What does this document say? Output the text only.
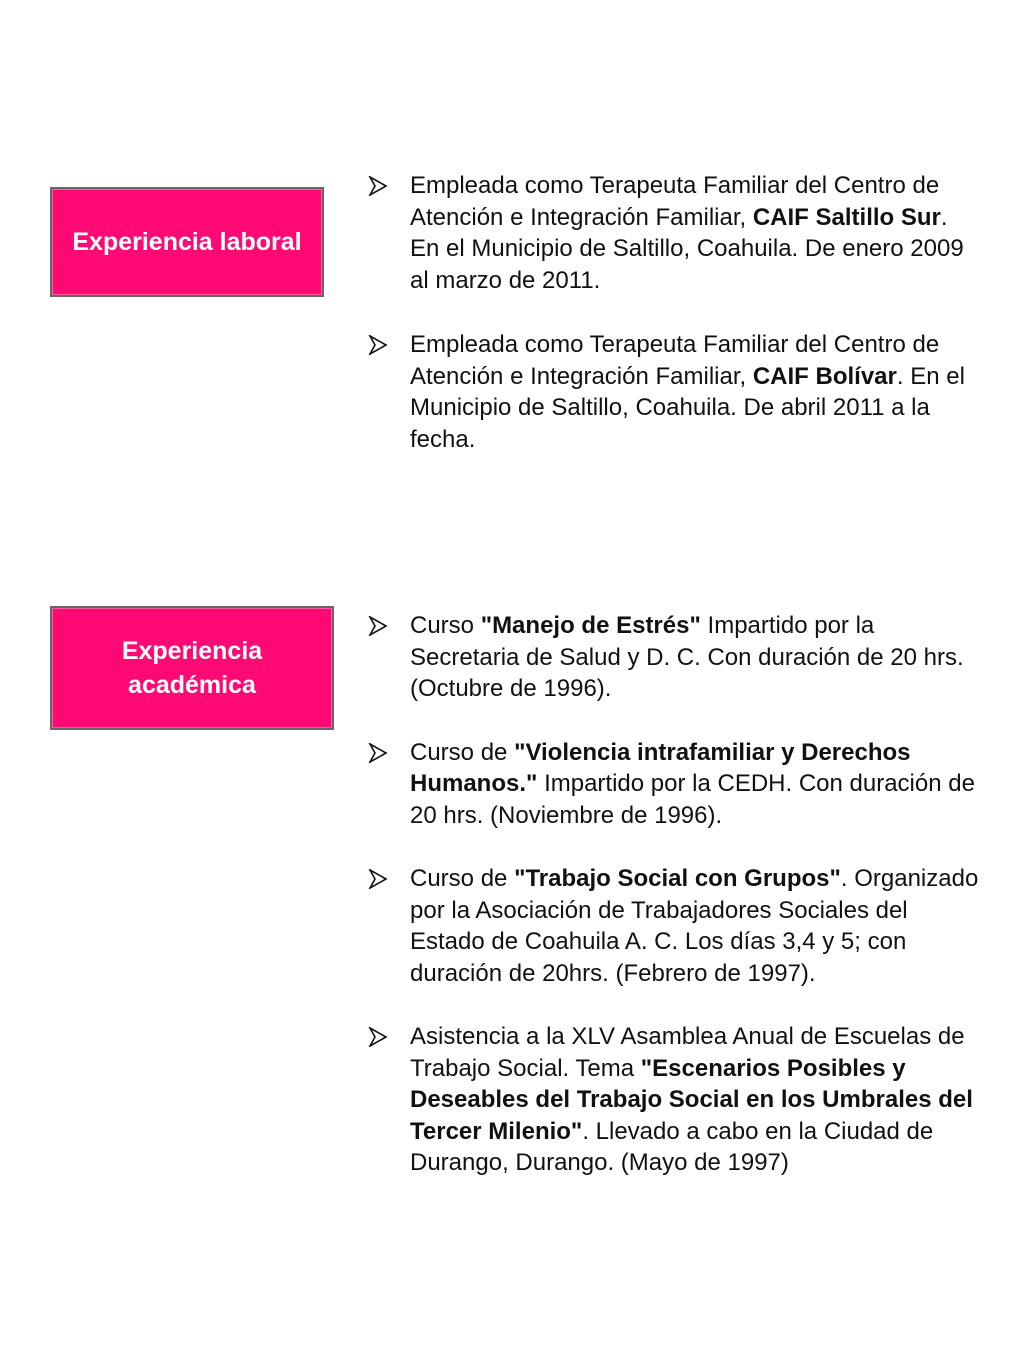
Experiencia laboral
Empleada como Terapeuta Familiar del Centro de Atención e Integración Familiar, CAIF Saltillo Sur. En el Municipio de Saltillo, Coahuila. De enero 2009 al marzo de 2011.
Empleada como Terapeuta Familiar del Centro de Atención e Integración Familiar, CAIF Bolívar. En el Municipio de Saltillo, Coahuila. De abril 2011 a la fecha.
Experiencia
académica
Curso "Manejo de Estrés" Impartido por la Secretaria de Salud y D. C. Con duración de 20 hrs. (Octubre de 1996).
Curso de "Violencia intrafamiliar y Derechos Humanos." Impartido por la CEDH. Con duración de 20 hrs. (Noviembre de 1996).
Curso de "Trabajo Social con Grupos". Organizado por la Asociación de Trabajadores Sociales del Estado de Coahuila A. C. Los días 3,4 y 5; con duración de 20hrs. (Febrero de 1997).
Asistencia a la XLV Asamblea Anual de Escuelas de Trabajo Social. Tema "Escenarios Posibles y Deseables del Trabajo Social en los Umbrales del Tercer Milenio". Llevado a cabo en la Ciudad de Durango, Durango. (Mayo de 1997)
